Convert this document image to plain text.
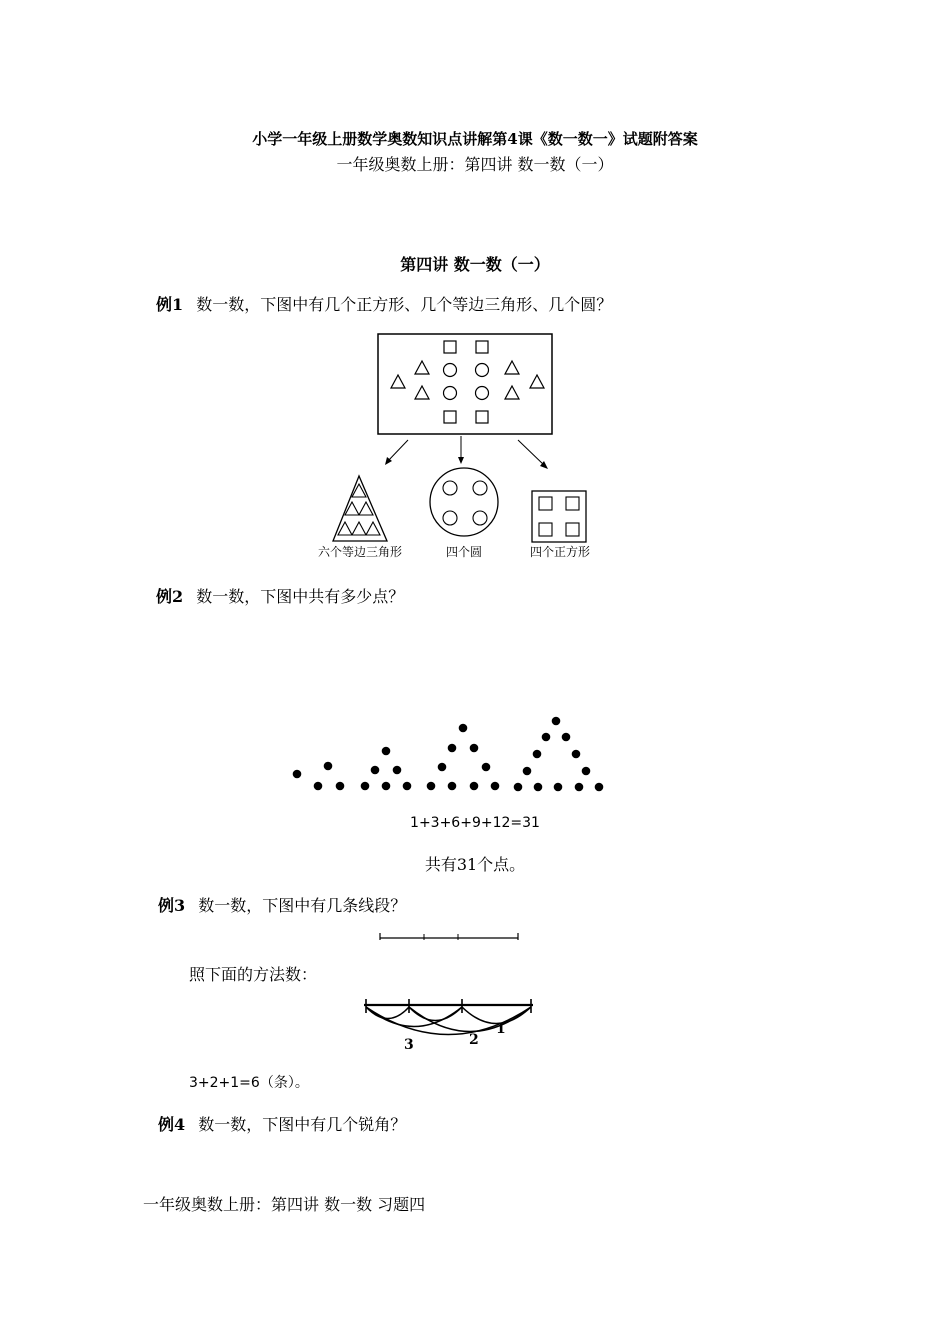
小学一年级上册数学奥数知识点讲解第4课《数一数一》试题附答案
一年级奥数上册：第四讲 数一数（一）
第四讲 数一数（一）
例1 数一数，下图中有几个正方形、几个等边三角形、几个圆？
六个等边三角形	四个圆	四个正方形
例2 数一数，下图中共有多少点？
1+3+6+9+12=31
共有31个点。
例3 数一数，下图中有几条线段？
照下面的方法数：
3	2
1
3+2+1=6（条）。
例4 数一数，下图中有几个锐角？
一年级奥数上册：第四讲 数一数 习题四
